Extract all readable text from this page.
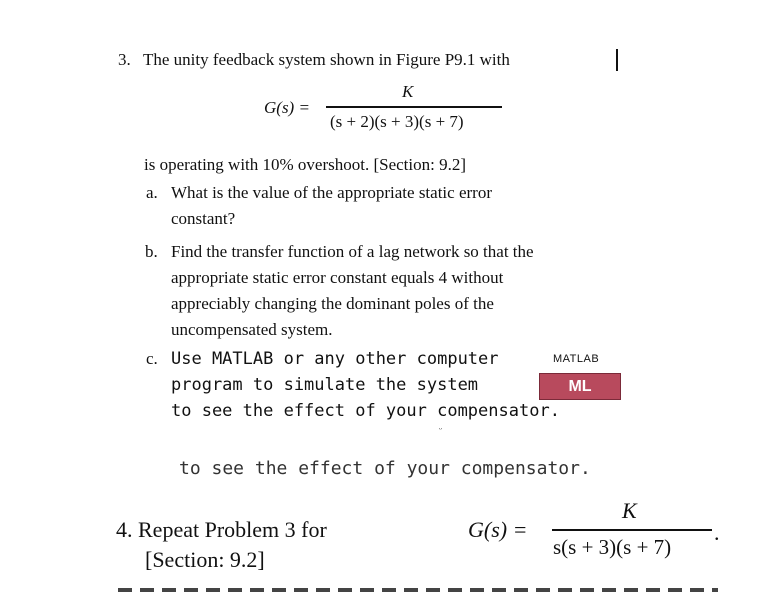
3. The unity feedback system shown in Figure P9.1 with
G(s) =
K
(s + 2)(s + 3)(s + 7)
is operating with 10% overshoot. [Section: 9.2]
a. What is the value of the appropriate static error
constant?
b. Find the transfer function of a lag network so that the
appropriate static error constant equals 4 without
appreciably changing the dominant poles of the
uncompensated system.
c. Use MATLAB or any other computer
program to simulate the system
to see the effect of your compensator.
MATLAB
ML
ᵕ
to see the effect of your compensator.
4. Repeat Problem 3 for	G(s) =
K
s(s + 3)(s + 7)
.
[Section: 9.2]
